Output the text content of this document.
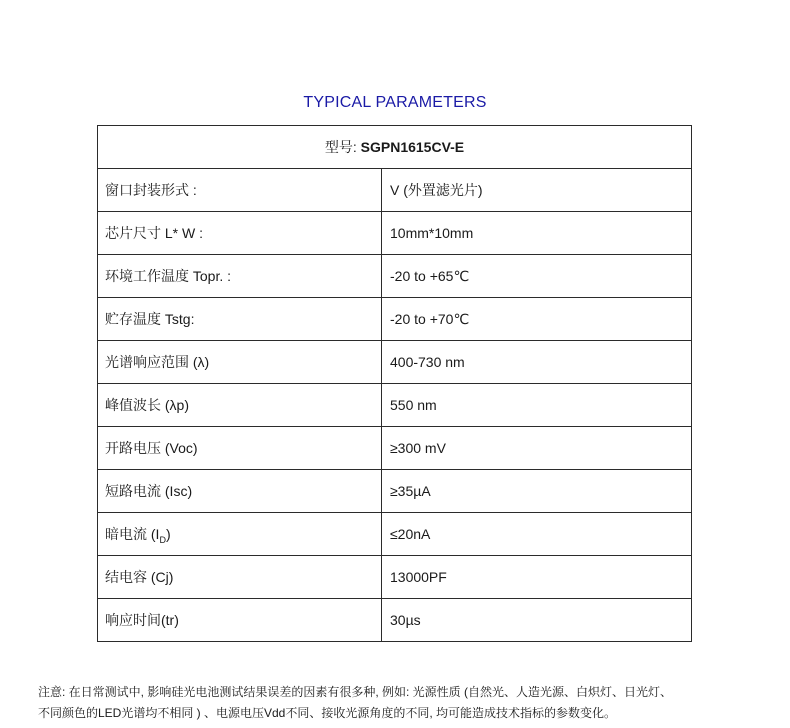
TYPICAL PARAMETERS
型号: SGPN1615CV-E	
窗口封装形式 :	V (外置滤光片)
芯片尺寸 L* W :	10mm*10mm
环境工作温度 Topr. :	-20 to +65℃
贮存温度 Tstg:	-20 to +70℃
光谱响应范围 (λ)	400-730 nm
峰值波长 (λp)	550 nm
开路电压 (Voc)	≥300 mV
短路电流 (Isc)	≥35µA
暗电流 $(I_D)$	≤20nA
结电容 (Cj)	13000PF
响应时间(tr)	30µs
注意: 在日常测试中, 影响硅光电池测试结果误差的因素有很多种, 例如: 光源性质 (自然光、人造光源、白炽灯、日光灯、
不同颜色的LED光谱均不相同 ) 、电源电压Vdd不同、接收光源角度的不同, 均可能造成技术指标的参数变化。
